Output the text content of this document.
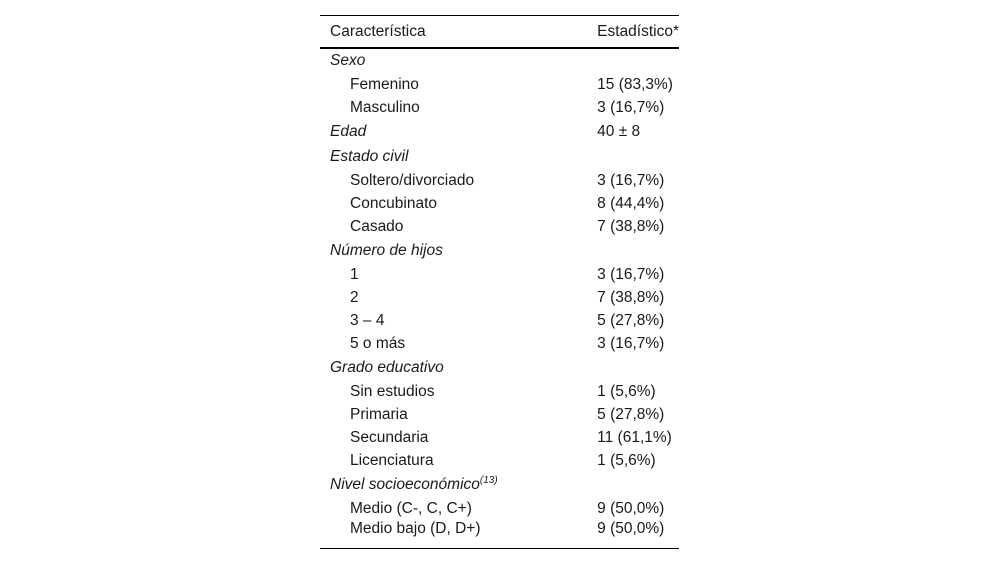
Característica	Estadístico*
Sexo	
Femenino	15 (83,3%)
Masculino	3 (16,7%)
Edad	40 ± 8
Estado civil	
Soltero/divorciado	3 (16,7%)
Concubinato	8 (44,4%)
Casado	7 (38,8%)
Número de hijos	
1	3 (16,7%)
2	7 (38,8%)
3 – 4	5 (27,8%)
5 o más	3 (16,7%)
Grado educativo	
Sin estudios	1 (5,6%)
Primaria	5 (27,8%)
Secundaria	11 (61,1%)
Licenciatura	1 (5,6%)
Nivel socioeconómico$^{(13)}$	
Medio (C-, C, C+)	9 (50,0%)
Medio bajo (D, D+)	9 (50,0%)
